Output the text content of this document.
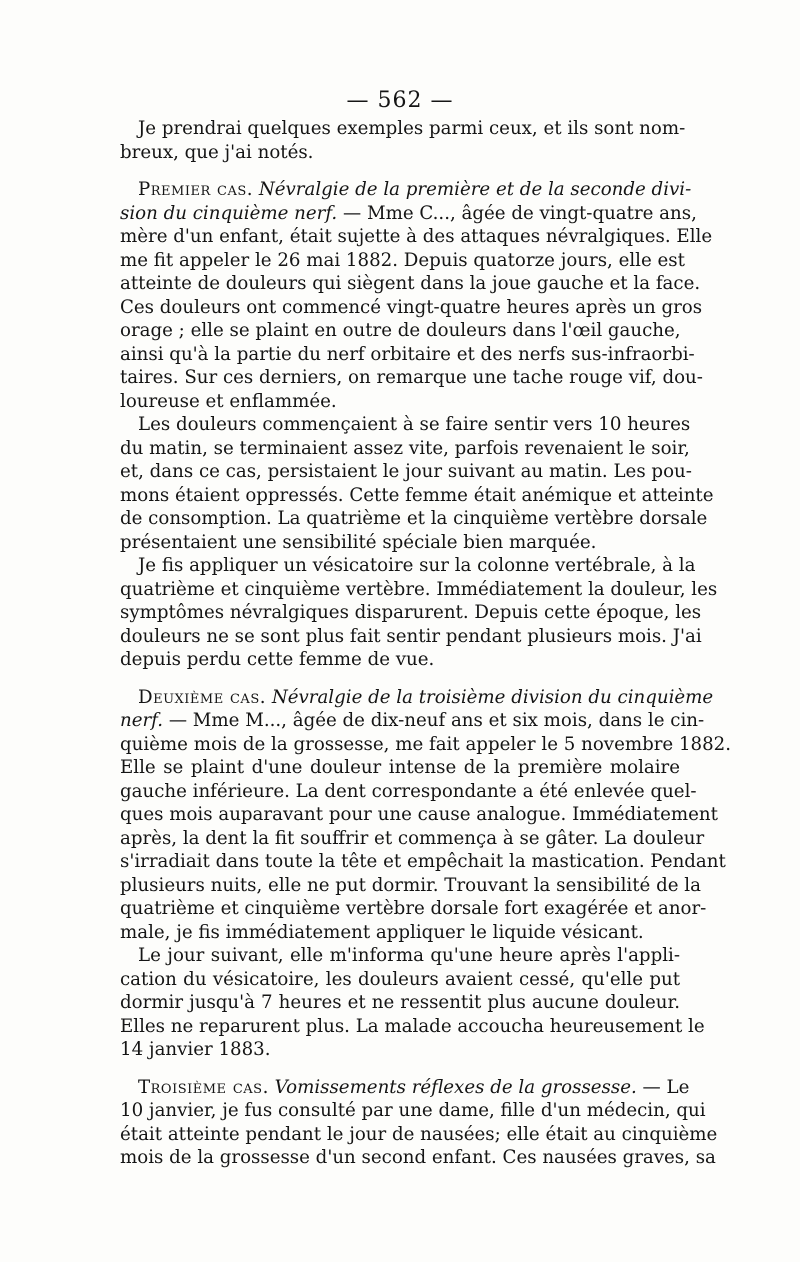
— 562 —
Je prendrai quelques exemples parmi ceux, et ils sont nom-
breux, que j'ai notés.
Premier cas. Névralgie de la première et de la seconde divi-
sion du cinquième nerf. — Mme C..., âgée de vingt-quatre ans,
mère d'un enfant, était sujette à des attaques névralgiques. Elle
me fit appeler le 26 mai 1882. Depuis quatorze jours, elle est
atteinte de douleurs qui siègent dans la joue gauche et la face.
Ces douleurs ont commencé vingt-quatre heures après un gros
orage ; elle se plaint en outre de douleurs dans l'œil gauche,
ainsi qu'à la partie du nerf orbitaire et des nerfs sus-infraorbi-
taires. Sur ces derniers, on remarque une tache rouge vif, dou-
loureuse et enflammée.
Les douleurs commençaient à se faire sentir vers 10 heures
du matin, se terminaient assez vite, parfois revenaient le soir,
et, dans ce cas, persistaient le jour suivant au matin. Les pou-
mons étaient oppressés. Cette femme était anémique et atteinte
de consomption. La quatrième et la cinquième vertèbre dorsale
présentaient une sensibilité spéciale bien marquée.
Je fis appliquer un vésicatoire sur la colonne vertébrale, à la
quatrième et cinquième vertèbre. Immédiatement la douleur, les
symptômes névralgiques disparurent. Depuis cette époque, les
douleurs ne se sont plus fait sentir pendant plusieurs mois. J'ai
depuis perdu cette femme de vue.
Deuxième cas. Névralgie de la troisième division du cinquième
nerf. — Mme M..., âgée de dix-neuf ans et six mois, dans le cin-
quième mois de la grossesse, me fait appeler le 5 novembre 1882.
Elle se plaint d'une douleur intense de la première molaire
gauche inférieure. La dent correspondante a été enlevée quel-
ques mois auparavant pour une cause analogue. Immédiatement
après, la dent la fit souffrir et commença à se gâter. La douleur
s'irradiait dans toute la tête et empêchait la mastication. Pendant
plusieurs nuits, elle ne put dormir. Trouvant la sensibilité de la
quatrième et cinquième vertèbre dorsale fort exagérée et anor-
male, je fis immédiatement appliquer le liquide vésicant.
Le jour suivant, elle m'informa qu'une heure après l'appli-
cation du vésicatoire, les douleurs avaient cessé, qu'elle put
dormir jusqu'à 7 heures et ne ressentit plus aucune douleur.
Elles ne reparurent plus. La malade accoucha heureusement le
14 janvier 1883.
Troisième cas. Vomissements réflexes de la grossesse. — Le
10 janvier, je fus consulté par une dame, fille d'un médecin, qui
était atteinte pendant le jour de nausées; elle était au cinquième
mois de la grossesse d'un second enfant. Ces nausées graves, sa
